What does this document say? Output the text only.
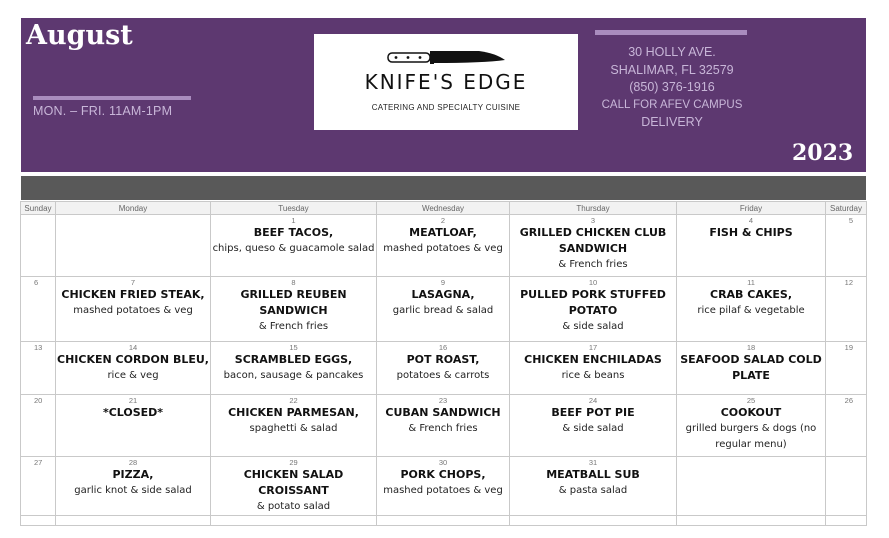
August
MON. – FRI. 11AM-1PM
KNIFE'S EDGE
CATERING AND SPECIALTY CUISINE
30 HOLLY AVE.
SHALIMAR, FL 32579
(850) 376-1916
CALL FOR AFEV CAMPUS
DELIVERY
2023
Sunday	Monday	Tuesday	Wednesday	Thursday	Friday	Saturday

		1
BEEF TACOS,
chips, queso & guacamole salad	2
MEATLOAF,
mashed potatoes & veg	3
GRILLED CHICKEN CLUB SANDWICH
& French fries	4
FISH & CHIPS	5

6	7
CHICKEN FRIED STEAK,
mashed potatoes & veg	8
GRILLED REUBEN SANDWICH
& French fries	9
LASAGNA,
garlic bread & salad	10
PULLED PORK STUFFED POTATO
& side salad	11
CRAB CAKES,
rice pilaf & vegetable	12

13	14
CHICKEN CORDON BLEU,
rice & veg	15
SCRAMBLED EGGS,
bacon, sausage & pancakes	16
POT ROAST,
potatoes & carrots	17
CHICKEN ENCHILADAS
rice & beans	18
SEAFOOD SALAD COLD PLATE	19

20	21
*CLOSED*	22
CHICKEN PARMESAN,
spaghetti & salad	23
CUBAN SANDWICH
& French fries	24
BEEF POT PIE
& side salad	25
COOKOUT
grilled burgers & dogs (no regular menu)	26

27	28
PIZZA,
garlic knot & side salad	29
CHICKEN SALAD CROISSANT
& potato salad	30
PORK CHOPS,
mashed potatoes & veg	31
MEATBALL SUB
& pasta salad		
